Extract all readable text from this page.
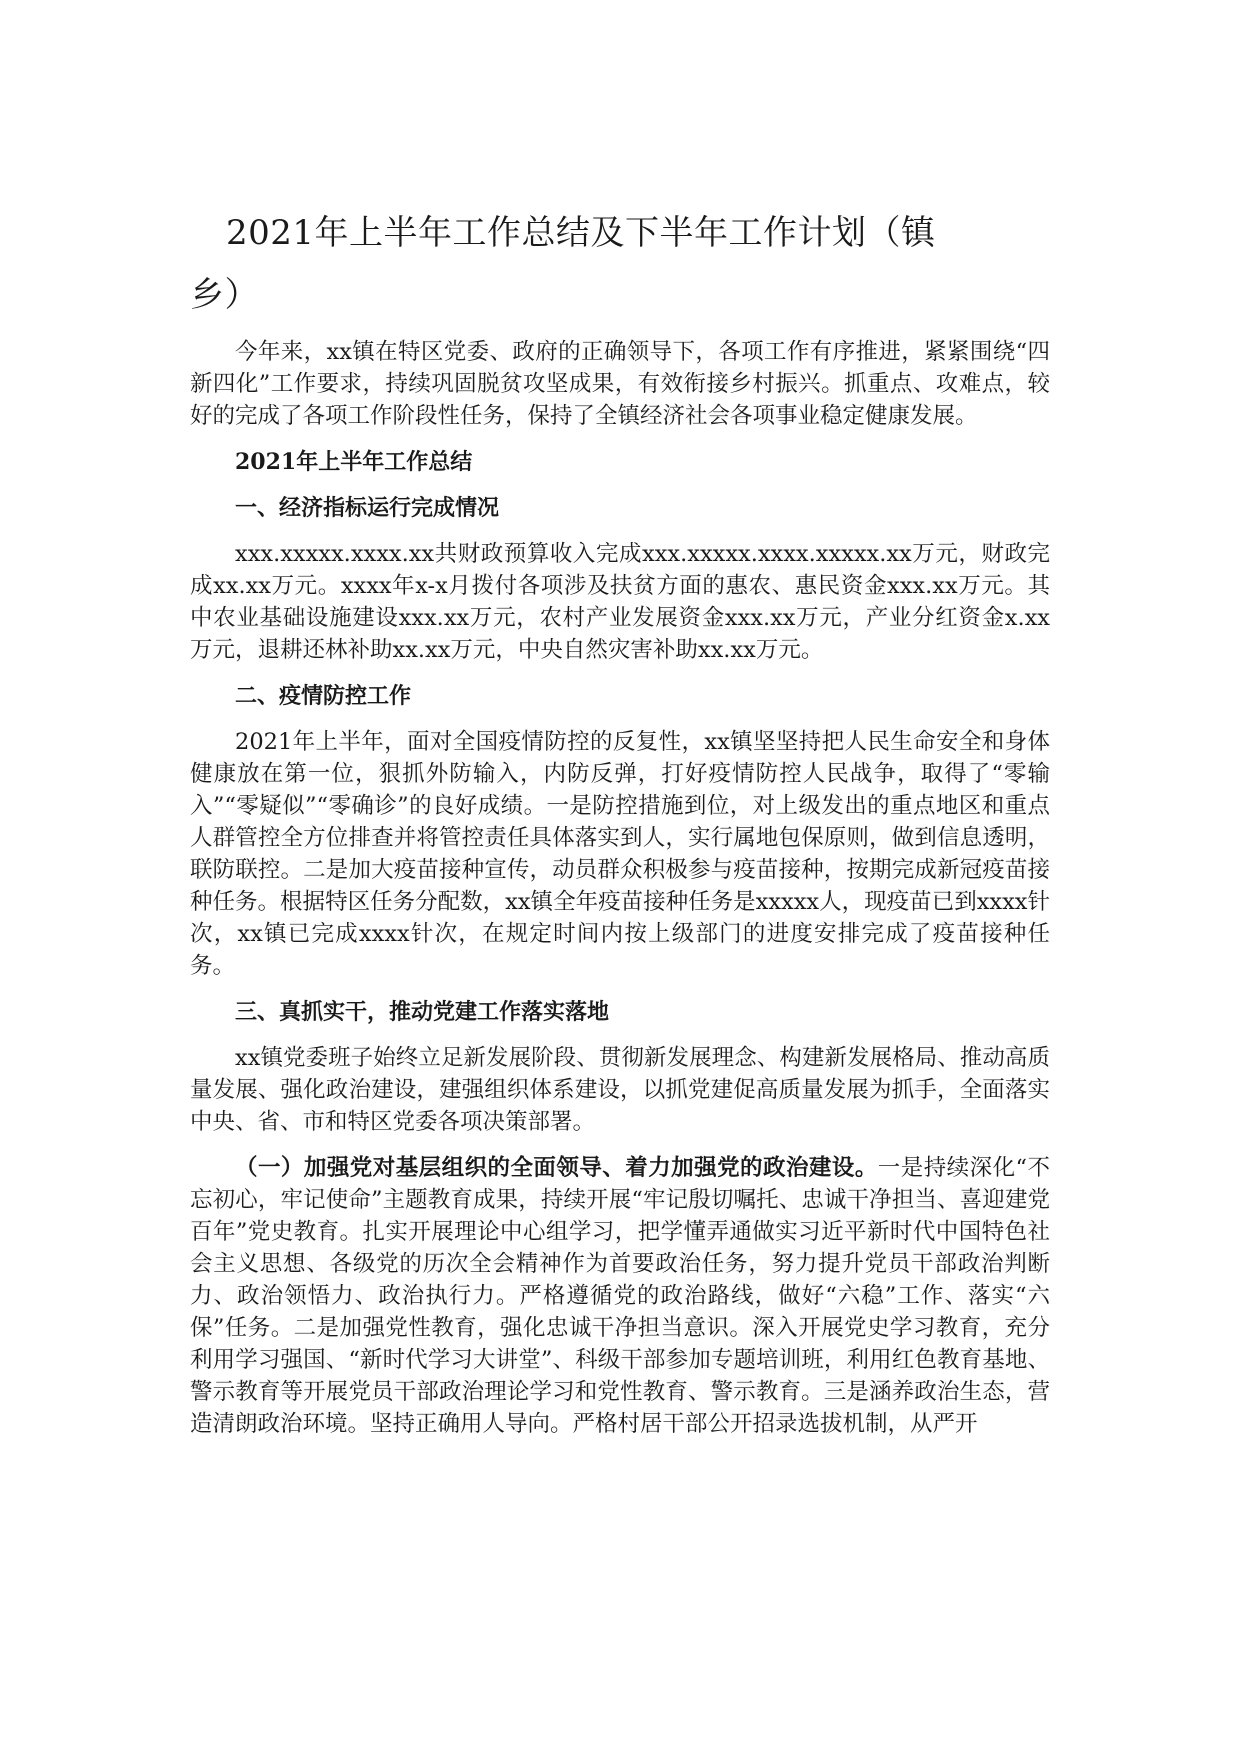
2021年上半年工作总结及下半年工作计划（镇
乡）

今年来，xx镇在特区党委、政府的正确领导下，各项工作有序推进，紧紧围绕“四新四化”工作要求，持续巩固脱贫攻坚成果，有效衔接乡村振兴。抓重点、攻难点，较好的完成了各项工作阶段性任务，保持了全镇经济社会各项事业稳定健康发展。

2021年上半年工作总结

一、经济指标运行完成情况

xxx.xxxxx.xxxx.xx共财政预算收入完成xxx.xxxxx.xxxx.xxxxx.xx万元，财政完成xx.xx万元。xxxx年x-x月拨付各项涉及扶贫方面的惠农、惠民资金xxx.xx万元。其中农业基础设施建设xxx.xx万元，农村产业发展资金xxx.xx万元，产业分红资金x.xx万元，退耕还林补助xx.xx万元，中央自然灾害补助xx.xx万元。

二、疫情防控工作

2021年上半年，面对全国疫情防控的反复性，xx镇坚坚持把人民生命安全和身体健康放在第一位，狠抓外防输入，内防反弹，打好疫情防控人民战争，取得了“零输入”“零疑似”“零确诊”的良好成绩。一是防控措施到位，对上级发出的重点地区和重点人群管控全方位排查并将管控责任具体落实到人，实行属地包保原则，做到信息透明，联防联控。二是加大疫苗接种宣传，动员群众积极参与疫苗接种，按期完成新冠疫苗接种任务。根据特区任务分配数，xx镇全年疫苗接种任务是xxxxx人，现疫苗已到xxxx针次，xx镇已完成xxxx针次，在规定时间内按上级部门的进度安排完成了疫苗接种任务。

三、真抓实干，推动党建工作落实落地

xx镇党委班子始终立足新发展阶段、贯彻新发展理念、构建新发展格局、推动高质量发展、强化政治建设，建强组织体系建设，以抓党建促高质量发展为抓手，全面落实中央、省、市和特区党委各项决策部署。

（一）加强党对基层组织的全面领导、着力加强党的政治建设。一是持续深化“不忘初心，牢记使命”主题教育成果，持续开展“牢记殷切嘱托、忠诚干净担当、喜迎建党百年”党史教育。扎实开展理论中心组学习，把学懂弄通做实习近平新时代中国特色社会主义思想、各级党的历次全会精神作为首要政治任务，努力提升党员干部政治判断力、政治领悟力、政治执行力。严格遵循党的政治路线，做好“六稳”工作、落实“六保”任务。二是加强党性教育，强化忠诚干净担当意识。深入开展党史学习教育，充分利用学习强国、“新时代学习大讲堂”、科级干部参加专题培训班，利用红色教育基地、警示教育等开展党员干部政治理论学习和党性教育、警示教育。三是涵养政治生态，营造清朗政治环境。坚持正确用人导向。严格村居干部公开招录选拔机制，从严开
